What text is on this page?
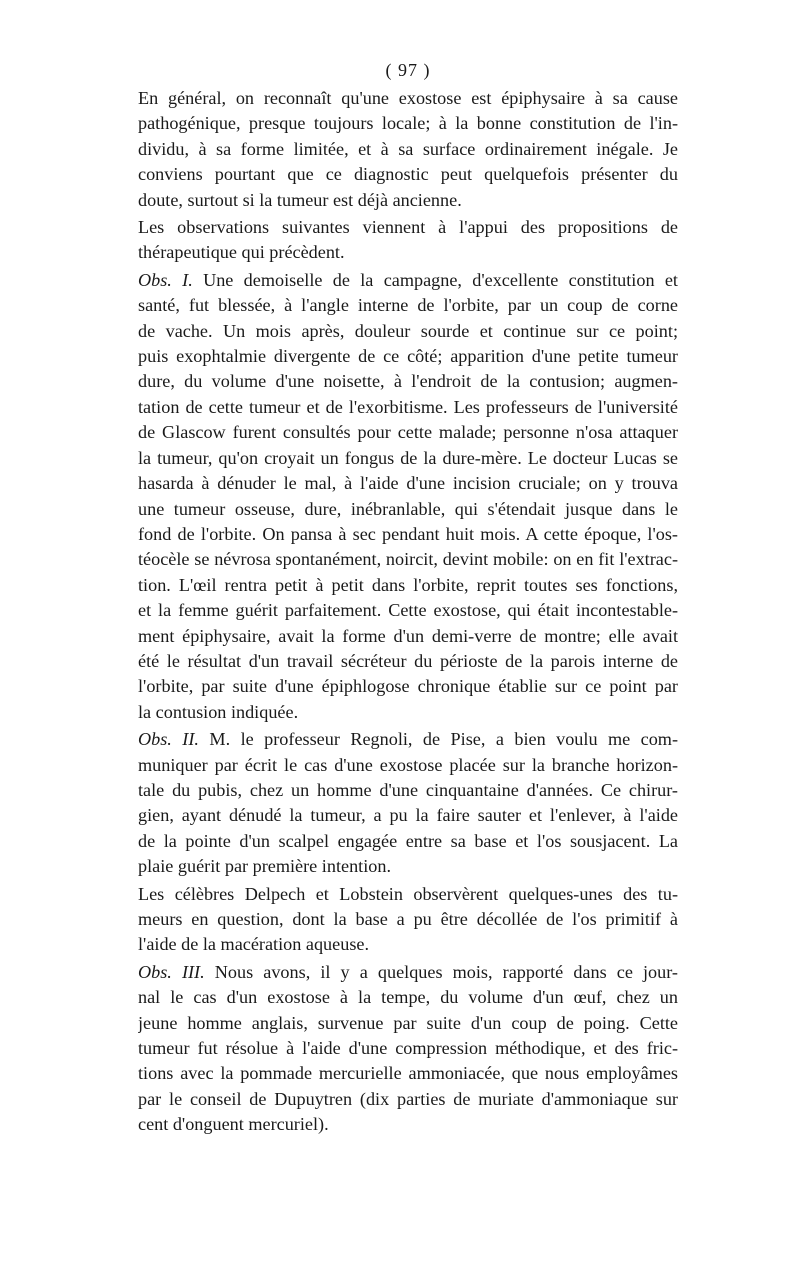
( 97 )
En général, on reconnaît qu'une exostose est épiphysaire à sa cause
pathogénique, presque toujours locale; à la bonne constitution de l'in-
dividu, à sa forme limitée, et à sa surface ordinairement inégale. Je
conviens pourtant que ce diagnostic peut quelquefois présenter du
doute, surtout si la tumeur est déjà ancienne.
Les observations suivantes viennent à l'appui des propositions de
thérapeutique qui précèdent.
Obs. I. Une demoiselle de la campagne, d'excellente constitution et
santé, fut blessée, à l'angle interne de l'orbite, par un coup de corne
de vache. Un mois après, douleur sourde et continue sur ce point;
puis exophtalmie divergente de ce côté; apparition d'une petite tumeur
dure, du volume d'une noisette, à l'endroit de la contusion; augmen-
tation de cette tumeur et de l'exorbitisme. Les professeurs de l'université
de Glascow furent consultés pour cette malade; personne n'osa attaquer
la tumeur, qu'on croyait un fongus de la dure-mère. Le docteur Lucas se
hasarda à dénuder le mal, à l'aide d'une incision cruciale; on y trouva
une tumeur osseuse, dure, inébranlable, qui s'étendait jusque dans le
fond de l'orbite. On pansa à sec pendant huit mois. A cette époque, l'os-
téocèle se névrosa spontanément, noircit, devint mobile: on en fit l'extrac-
tion. L'œil rentra petit à petit dans l'orbite, reprit toutes ses fonctions,
et la femme guérit parfaitement. Cette exostose, qui était incontestable-
ment épiphysaire, avait la forme d'un demi-verre de montre; elle avait
été le résultat d'un travail sécréteur du périoste de la parois interne de
l'orbite, par suite d'une épiphlogose chronique établie sur ce point par
la contusion indiquée.
Obs. II. M. le professeur Regnoli, de Pise, a bien voulu me com-
muniquer par écrit le cas d'une exostose placée sur la branche horizon-
tale du pubis, chez un homme d'une cinquantaine d'années. Ce chirur-
gien, ayant dénudé la tumeur, a pu la faire sauter et l'enlever, à l'aide
de la pointe d'un scalpel engagée entre sa base et l'os sousjacent. La
plaie guérit par première intention.
Les célèbres Delpech et Lobstein observèrent quelques-unes des tu-
meurs en question, dont la base a pu être décollée de l'os primitif à
l'aide de la macération aqueuse.
Obs. III. Nous avons, il y a quelques mois, rapporté dans ce jour-
nal le cas d'un exostose à la tempe, du volume d'un œuf, chez un
jeune homme anglais, survenue par suite d'un coup de poing. Cette
tumeur fut résolue à l'aide d'une compression méthodique, et des fric-
tions avec la pommade mercurielle ammoniacée, que nous employâmes
par le conseil de Dupuytren (dix parties de muriate d'ammoniaque sur
cent d'onguent mercuriel).
